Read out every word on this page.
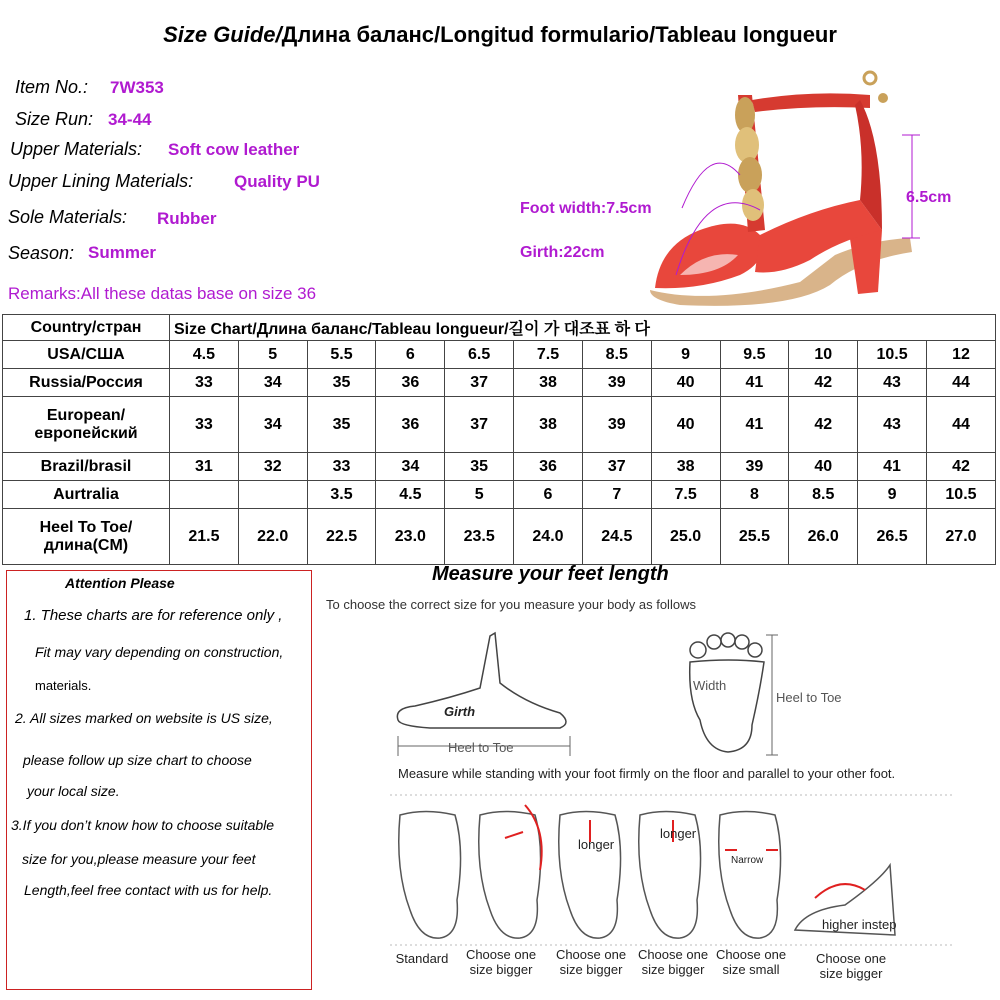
Size Guide/Длина баланс/Longitud formulario/Tableau longueur
Item No.: 7W353
Size Run: 34-44
Upper Materials: Soft cow leather
Upper Lining Materials: Quality PU
Sole Materials: Rubber
Season: Summer
Remarks:All these datas base on size 36
Foot width:7.5cm
Girth:22cm
6.5cm
Country/стран	Size Chart/Длина баланс/Tableau longueur/길이 가 대조표 하 다											
USA/США	4.5	5	5.5	6	6.5	7.5	8.5	9	9.5	10	10.5	12
Russia/Россия	33	34	35	36	37	38	39	40	41	42	43	44
European/европейский	33	34	35	36	37	38	39	40	41	42	43	44
Brazil/brasil	31	32	33	34	35	36	37	38	39	40	41	42
Aurtralia			3.5	4.5	5	6	7	7.5	8	8.5	9	10.5
Heel To Toe/длина(CM)	21.5	22.0	22.5	23.0	23.5	24.0	24.5	25.0	25.5	26.0	26.5	27.0
Attention Please
1. These charts are for reference only ,
Fit may vary depending on construction,
materials.
2. All sizes marked on website is US size,
please follow up size chart to choose
your local size.
3.If you don’t know how to choose suitable
size for you,please measure your feet
Length,feel free contact with us for help.
Measure your feet length
To choose the correct size for you measure your body as follows
Girth
Heel to Toe
Width
Heel to Toe
Measure while standing with your foot firmly on the floor and parallel to your other foot.
longer
longer
Narrow
higher instep
Standard	Choose one
size bigger
Choose one
size bigger
Choose one
size bigger
Choose one
size small
Choose one
size bigger
